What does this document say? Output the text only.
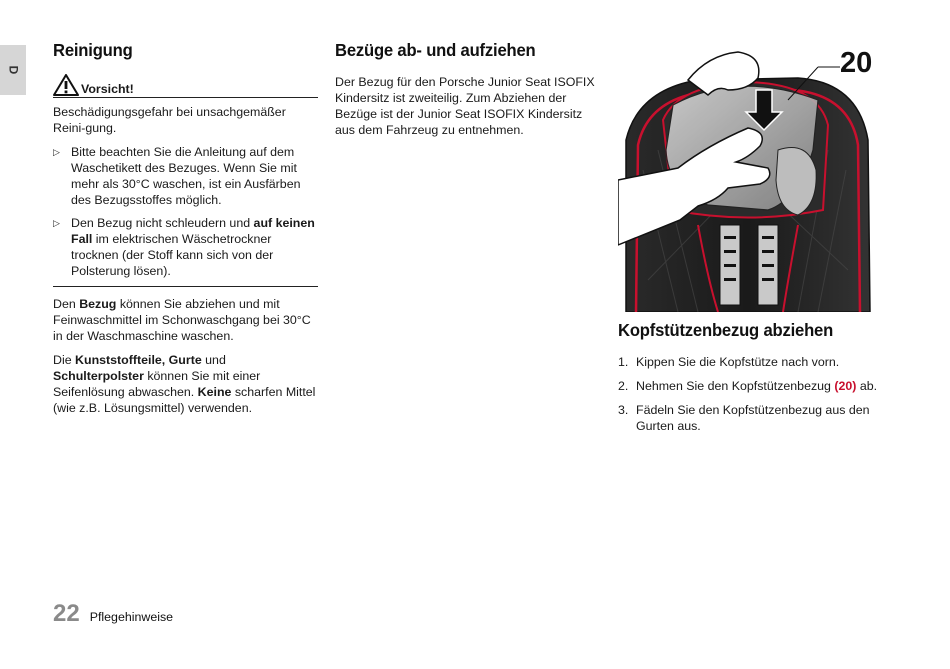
D
Reinigung
Vorsicht!

Beschädigungsgefahr bei unsachgemäßer Reini-gung.

▷ Bitte beachten Sie die Anleitung auf dem Waschetikett des Bezuges. Wenn Sie mit mehr als 30°C waschen, ist ein Ausfärben des Bezugsstoffes möglich.
▷ Den Bezug nicht schleudern und auf keinen Fall im elektrischen Wäschetrockner trocknen (der Stoff kann sich von der Polsterung lösen).

Den Bezug können Sie abziehen und mit Feinwaschmittel im Schonwaschgang bei 30°C in der Waschmaschine waschen.

Die Kunststoffteile, Gurte und Schulterpolster können Sie mit einer Seifenlösung abwaschen. Keine scharfen Mittel (wie z.B. Lösungsmittel) verwenden.

Bezüge ab- und aufziehen

Der Bezug für den Porsche Junior Seat ISOFIX Kindersitz ist zweiteilig. Zum Abziehen der Bezüge ist der Junior Seat ISOFIX Kindersitz aus dem Fahrzeug zu entnehmen.

20
Kopfstützenbezug abziehen
1. Kippen Sie die Kopfstütze nach vorn.
2. Nehmen Sie den Kopfstützenbezug (20) ab.
3. Fädeln Sie den Kopfstützenbezug aus den Gurten aus.
22 Pflegehinweise
